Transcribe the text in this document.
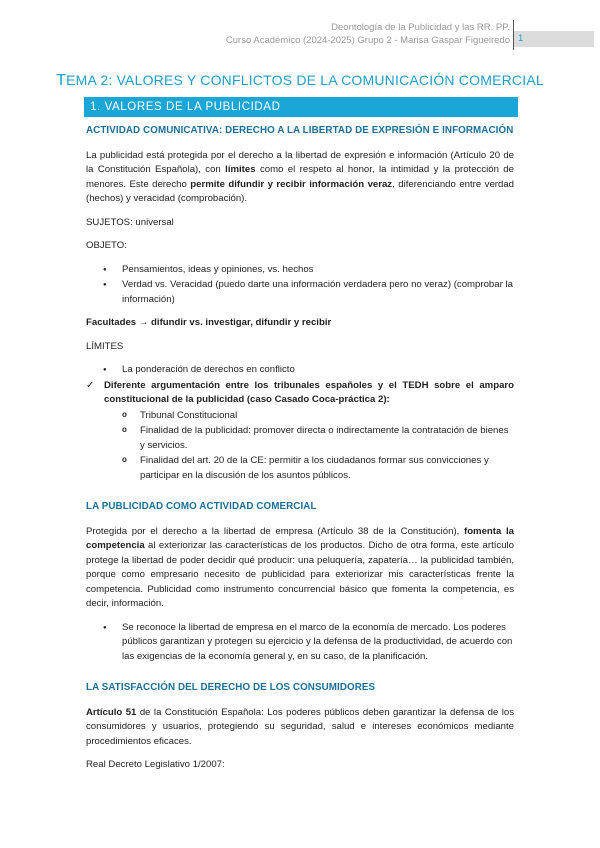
Deontología de la Publicidad y las RR. PP.
Curso Académico (2024-2025) Grupo 2 - Marisa Gaspar Figueiredo 1
TEMA 2: VALORES Y CONFLICTOS DE LA COMUNICACIÓN COMERCIAL
1. VALORES DE LA PUBLICIDAD
ACTIVIDAD COMUNICATIVA: DERECHO A LA LIBERTAD DE EXPRESIÓN E INFORMACIÓN

La publicidad está protegida por el derecho a la libertad de expresión e información (Artículo 20 de la Constitución Española), con límites como el respeto al honor, la intimidad y la protección de menores. Este derecho permite difundir y recibir información veraz, diferenciando entre verdad (hechos) y veracidad (comprobación).

SUJETOS: universal

OBJETO:

● Pensamientos, ideas y opiniones, vs. hechos
● Verdad vs. Veracidad (puedo darte una información verdadera pero no veraz) (comprobar la información)

Facultades → difundir vs. investigar, difundir y recibir

LÍMITES

● La ponderación de derechos en conflicto
✓ Diferente argumentación entre los tribunales españoles y el TEDH sobre el amparo constitucional de la publicidad (caso Casado Coca-práctica 2):
o Tribunal Constitucional
o Finalidad de la publicidad: promover directa o indirectamente la contratación de bienes y servicios.
o Finalidad del art. 20 de la CE: permitir a los ciudadanos formar sus convicciones y participar en la discusión de los asuntos públicos.
LA PUBLICIDAD COMO ACTIVIDAD COMERCIAL

Protegida por el derecho a la libertad de empresa (Artículo 38 de la Constitución), fomenta la competencia al exteriorizar las características de los productos. Dicho de otra forma, este artículo protege la libertad de poder decidir qué producir: una peluquería, zapatería… la publicidad también, porque como empresario necesito de publicidad para exteriorizar mis características frente la competencia. Publicidad como instrumento concurrencial básico que fomenta la competencia, es decir, información.

● Se reconoce la libertad de empresa en el marco de la economía de mercado. Los poderes públicos garantizan y protegen su ejercicio y la defensa de la productividad, de acuerdo con las exigencias de la economía general y, en su caso, de la planificación.
LA SATISFACCIÓN DEL DERECHO DE LOS CONSUMIDORES

Artículo 51 de la Constitución Española: Los poderes públicos deben garantizar la defensa de los consumidores y usuarios, protegiendo su seguridad, salud e intereses económicos mediante procedimientos eficaces.

Real Decreto Legislativo 1/2007:
